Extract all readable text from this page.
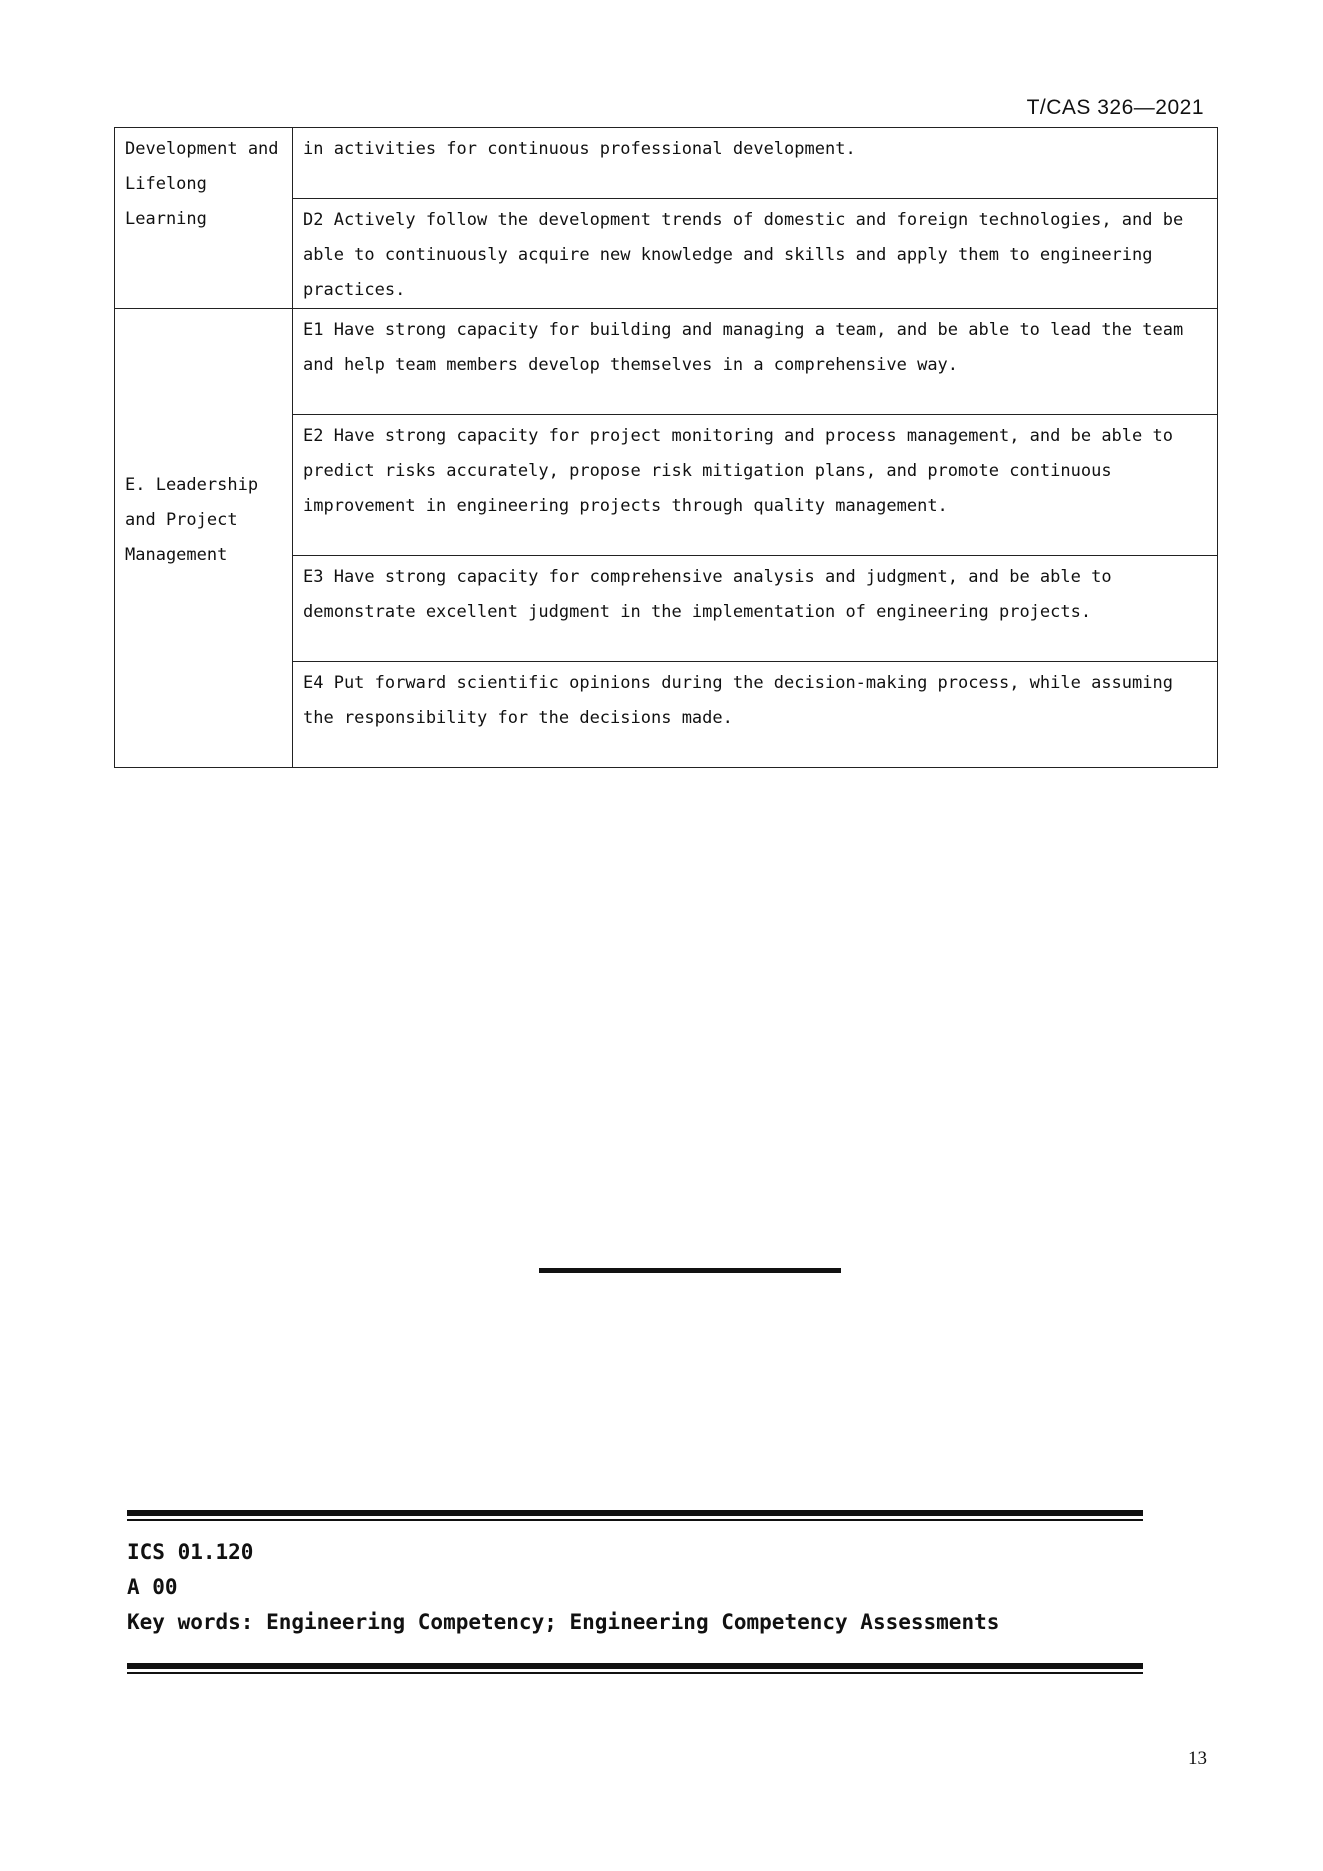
T/CAS 326—2021
Development and
Lifelong
Learning	in activities for continuous professional development.
	D2 Actively follow the development trends of domestic and foreign technologies, and be able to continuously acquire new knowledge and skills and apply them to engineering practices.

E. Leadership
and Project
Management	E1 Have strong capacity for building and managing a team, and be able to lead the team and help team members develop themselves in a comprehensive way.
	E2 Have strong capacity for project monitoring and process management, and be able to predict risks accurately, propose risk mitigation plans, and promote continuous improvement in engineering projects through quality management.
	E3 Have strong capacity for comprehensive analysis and judgment, and be able to demonstrate excellent judgment in the implementation of engineering projects.
	E4 Put forward scientific opinions during the decision-making process, while assuming the responsibility for the decisions made.
ICS 01.120
A 00
Key words: Engineering Competency; Engineering Competency Assessments
13
